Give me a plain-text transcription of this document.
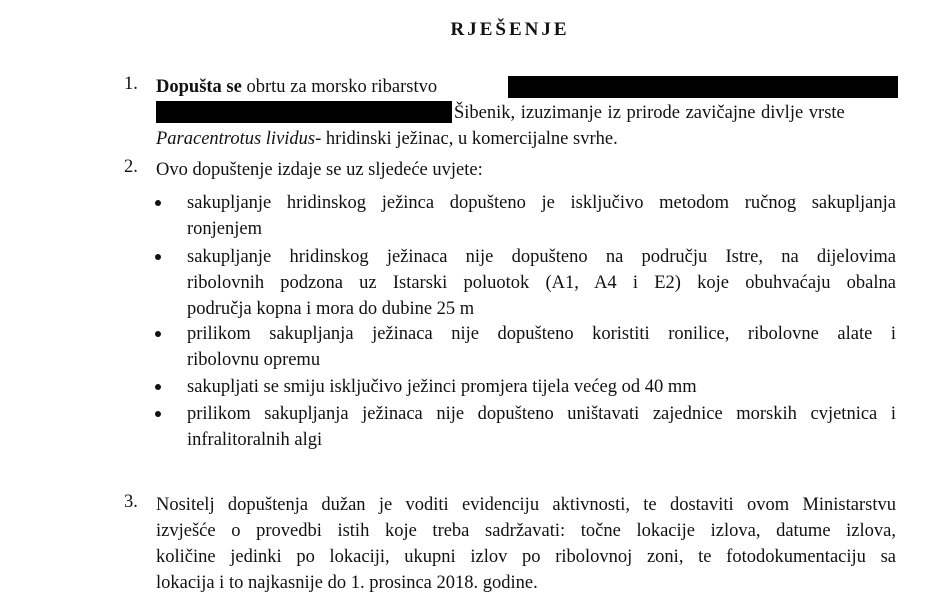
RJEŠENJE
1. Dopušta se obrtu za morsko ribarstvo
Šibenik, izuzimanje iz prirode zavičajne divlje vrste
Paracentrotus lividus- hridinski ježinac, u komercijalne svrhe.
2. Ovo dopuštenje izdaje se uz sljedeće uvjete:
sakupljanje hridinskog ježinca dopušteno je isključivo metodom ručnog sakupljanja
ronjenjem
sakupljanje hridinskog ježinaca nije dopušteno na području Istre, na dijelovima
ribolovnih podzona uz Istarski poluotok (A1, A4 i E2) koje obuhvaćaju obalna
područja kopna i mora do dubine 25 m
prilikom sakupljanja ježinaca nije dopušteno koristiti ronilice, ribolovne alate i
ribolovnu opremu
sakupljati se smiju isključivo ježinci promjera tijela većeg od 40 mm
prilikom sakupljanja ježinaca nije dopušteno uništavati zajednice morskih cvjetnica i
infralitoralnih algi
3. Nositelj dopuštenja dužan je voditi evidenciju aktivnosti, te dostaviti ovom Ministarstvu
izvješće o provedbi istih koje treba sadržavati: točne lokacije izlova, datume izlova,
količine jedinki po lokaciji, ukupni izlov po ribolovnoj zoni, te fotodokumentaciju sa
lokacija i to najkasnije do 1. prosinca 2018. godine.
